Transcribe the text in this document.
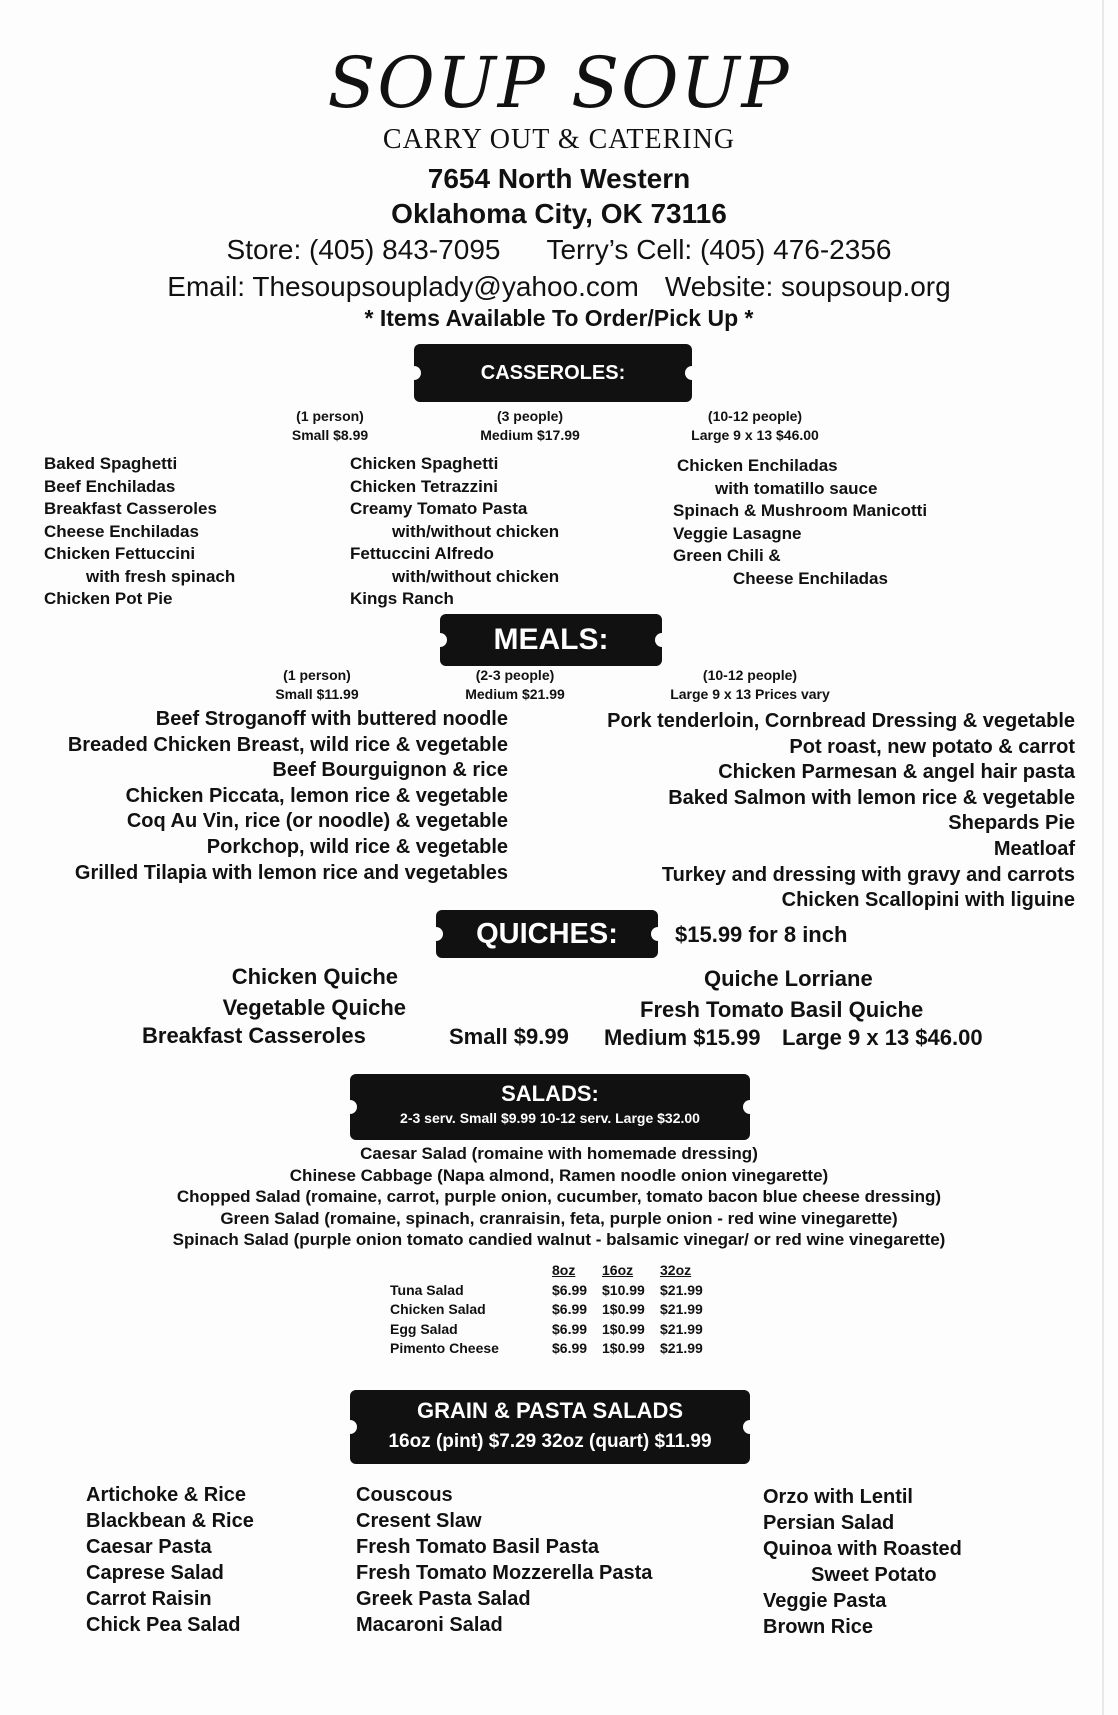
SOUP SOUP
CARRY OUT & CATERING
7654 North Western
Oklahoma City, OK 73116
Store: (405) 843-7095 Terry’s Cell: (405) 476-2356
Email: Thesoupsouplady@yahoo.com Website: soupsoup.org
* Items Available To Order/Pick Up *
CASSEROLES:
(1 person)
Small $8.99
(3 people)
Medium $17.99
(10-12 people)
Large 9 x 13 $46.00
Baked Spaghetti
Beef Enchiladas
Breakfast Casseroles
Cheese Enchiladas
Chicken Fettuccini
with fresh spinach
Chicken Pot Pie
Chicken Spaghetti
Chicken Tetrazzini
Creamy Tomato Pasta
with/without chicken
Fettuccini Alfredo
with/without chicken
Kings Ranch
Chicken Enchiladas
with tomatillo sauce
Spinach & Mushroom Manicotti
Veggie Lasagne
Green Chili &
Cheese Enchiladas
MEALS:
(1 person)
Small $11.99
(2-3 people)
Medium $21.99
(10-12 people)
Large 9 x 13 Prices vary
Beef Stroganoff with buttered noodle
Breaded Chicken Breast, wild rice & vegetable
Beef Bourguignon & rice
Chicken Piccata, lemon rice & vegetable
Coq Au Vin, rice (or noodle) & vegetable
Porkchop, wild rice & vegetable
Grilled Tilapia with lemon rice and vegetables
Pork tenderloin, Cornbread Dressing & vegetable
Pot roast, new potato & carrot
Chicken Parmesan & angel hair pasta
Baked Salmon with lemon rice & vegetable
Shepards Pie
Meatloaf
Turkey and dressing with gravy and carrots
Chicken Scallopini with liguine
QUICHES:	$15.99 for 8 inch
Chicken Quiche
Vegetable Quiche
Quiche Lorriane
Fresh Tomato Basil Quiche
Breakfast Casseroles	Small $9.99 Medium $15.99 Large 9 x 13 $46.00
SALADS:
2-3 serv. Small $9.99 10-12 serv. Large $32.00
Caesar Salad (romaine with homemade dressing)
Chinese Cabbage (Napa almond, Ramen noodle onion vinegarette)
Chopped Salad (romaine, carrot, purple onion, cucumber, tomato bacon blue cheese dressing)
Green Salad (romaine, spinach, cranraisin, feta, purple onion - red wine vinegarette)
Spinach Salad (purple onion tomato candied walnut - balsamic vinegar/ or red wine vinegarette)
8oz	16oz	32oz
Tuna Salad	$6.99	$10.99	$21.99
Chicken Salad	$6.99	1$0.99	$21.99
Egg Salad	$6.99	1$0.99	$21.99
Pimento Cheese	$6.99	1$0.99	$21.99
GRAIN & PASTA SALADS
16oz (pint) $7.29 32oz (quart) $11.99
Artichoke & Rice
Blackbean & Rice
Caesar Pasta
Caprese Salad
Carrot Raisin
Chick Pea Salad
Couscous
Cresent Slaw
Fresh Tomato Basil Pasta
Fresh Tomato Mozzerella Pasta
Greek Pasta Salad
Macaroni Salad
Orzo with Lentil
Persian Salad
Quinoa with Roasted
Sweet Potato
Veggie Pasta
Brown Rice
